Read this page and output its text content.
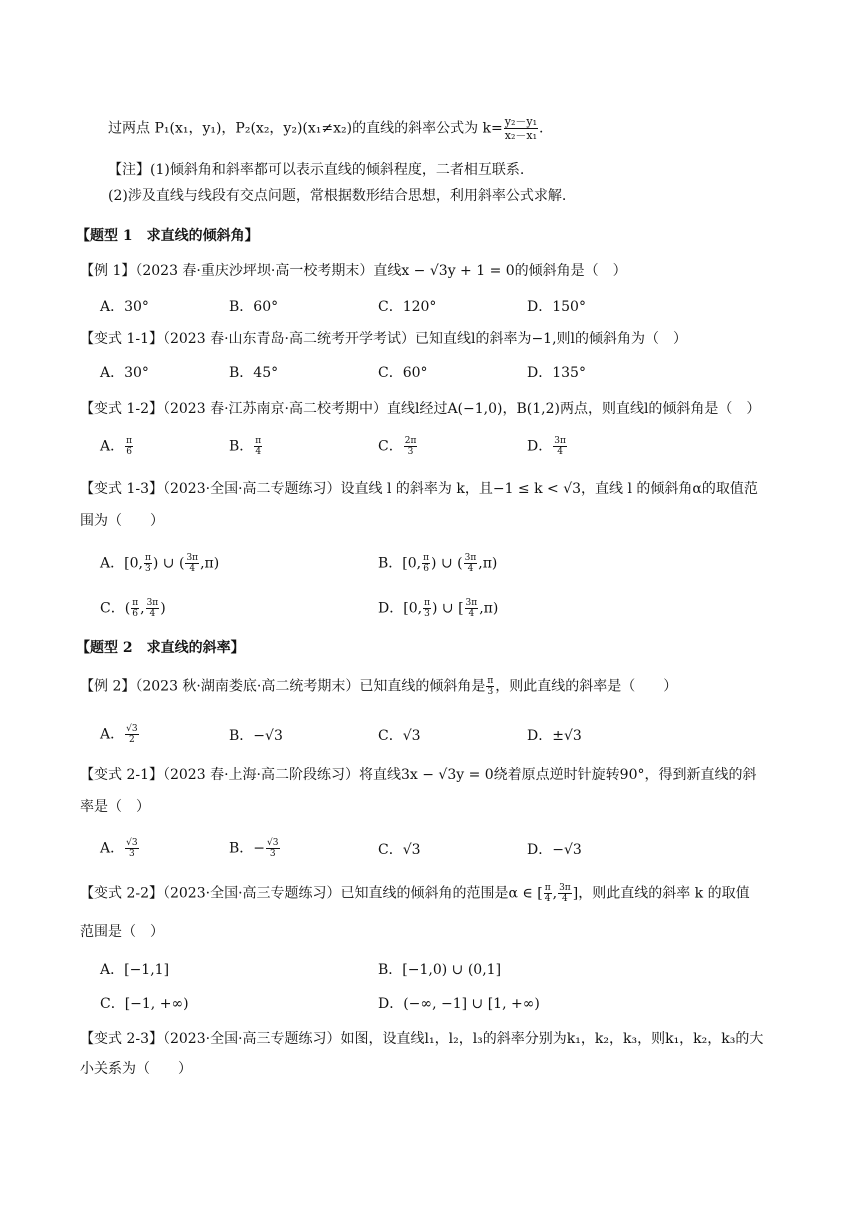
过两点 P₁(x₁，y₁)，P₂(x₂，y₂)(x₁≠x₂)的直线的斜率公式为 $k= \frac{\text{y₂－y₁}}{\text{x₂－x₁}}$ .
【注】(1)倾斜角和斜率都可以表示直线的倾斜程度，二者相互联系.
(2)涉及直线与线段有交点问题，常根据数形结合思想，利用斜率公式求解.
【题型 1　求直线的倾斜角】
【例 1】（2023 春·重庆沙坪坝·高一校考期末）直线x − √3y + 1 = 0的倾斜角是（　）
A．30°	B．60°	C．120°	D．150°
【变式 1-1】（2023 春·山东青岛·高二统考开学考试）已知直线l的斜率为−1,则l的倾斜角为（　）
A．30°	B．45°	C．60°	D．135°
【变式 1-2】（2023 春·江苏南京·高二校考期中）直线l经过A(−1,0)，B(1,2)两点，则直线l的倾斜角是（　）
A． $\frac{\pi}{6}$	B． $\frac{\pi}{4}$	C． $\frac{2\pi}{3}$	D． $\frac{3\pi}{4}$
【变式 1-3】（2023·全国·高二专题练习）设直线 l 的斜率为 k，且−1 ≤ k < √3，直线 l 的倾斜角α的取值范
围为（　　）
A．[0, $\frac{\pi}{3}$ ) ∪ ( $\frac{3\pi}{4} ,\pi$)	B．[0, $\frac{\pi}{6}$ ) ∪ ( $\frac{3\pi}{4} ,\pi$)
C．( $\frac{\pi}{6}$ , $\frac{3\pi}{4}$ )	D．[0, $\frac{\pi}{3}$ ) ∪ [ $\frac{3\pi}{4} ,\pi$)
【题型 2　求直线的斜率】
【例 2】（2023 秋·湖南娄底·高二统考期末）已知直线的倾斜角是 $\frac{\pi}{3}$ ，则此直线的斜率是（　　）
A． $\frac{√3}{2}$	B．−√3	C．√3	D．±√3
【变式 2-1】（2023 春·上海·高二阶段练习）将直线3x − √3y = 0绕着原点逆时针旋转90°，得到新直线的斜
率是（　）
A． $\frac{√3}{3}$	B．− $\frac{√3}{3}$	C．√3	D．−√3
【变式 2-2】（2023·全国·高三专题练习）已知直线的倾斜角的范围是α ∈ [ $\frac{\pi}{4}$ , $\frac{3\pi}{4}$ ]，则此直线的斜率 k 的取值
范围是（　）
A．[−1,1]	B．[−1,0) ∪ (0,1]
C．[−1, +∞)	D．(−∞, −1] ∪ [1, +∞)
【变式 2-3】（2023·全国·高三专题练习）如图，设直线l₁，l₂，l₃的斜率分别为k₁，k₂，k₃，则k₁，k₂，k₃的大
小关系为（　　）
